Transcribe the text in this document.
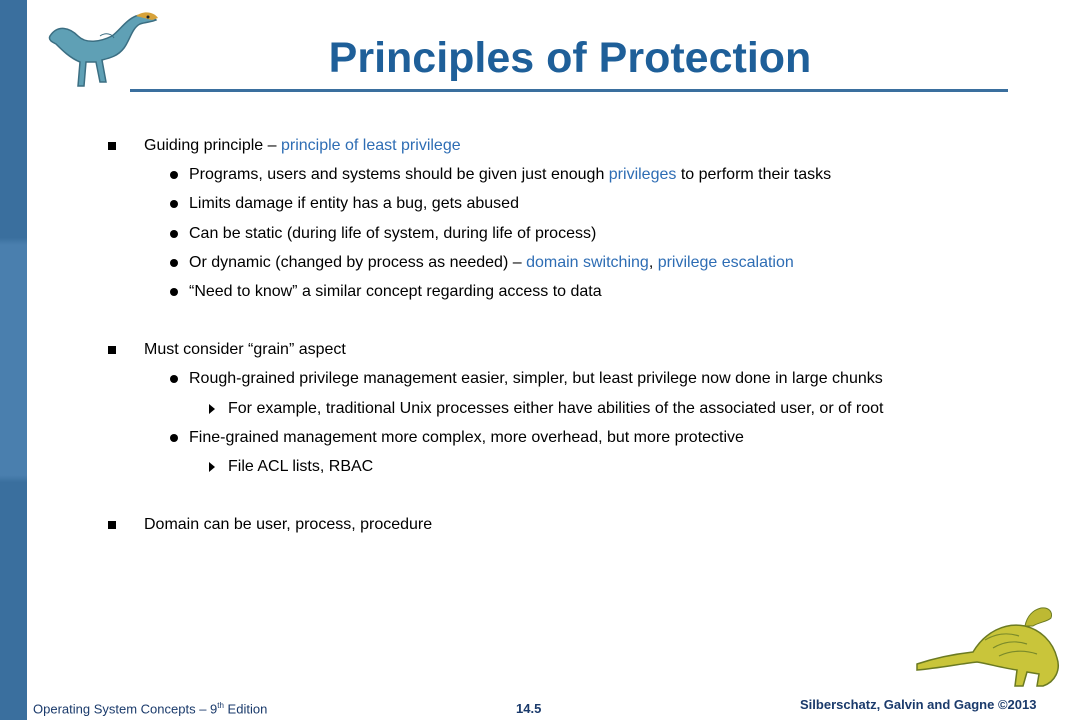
Principles of Protection
Guiding principle – principle of least privilege
Programs, users and systems should be given just enough privileges to perform their tasks
Limits damage if entity has a bug, gets abused
Can be static (during life of system, during life of process)
Or dynamic (changed by process as needed) – domain switching, privilege escalation
“Need to know” a similar concept regarding access to data
Must consider “grain” aspect
Rough-grained privilege management easier, simpler, but least privilege now done in large chunks
For example, traditional Unix processes either have abilities of the associated user, or of root
Fine-grained management more complex, more overhead, but more protective
File ACL lists, RBAC
Domain can be user, process, procedure
Operating System Concepts – 9th Edition	14.5	Silberschatz, Galvin and Gagne ©2013
